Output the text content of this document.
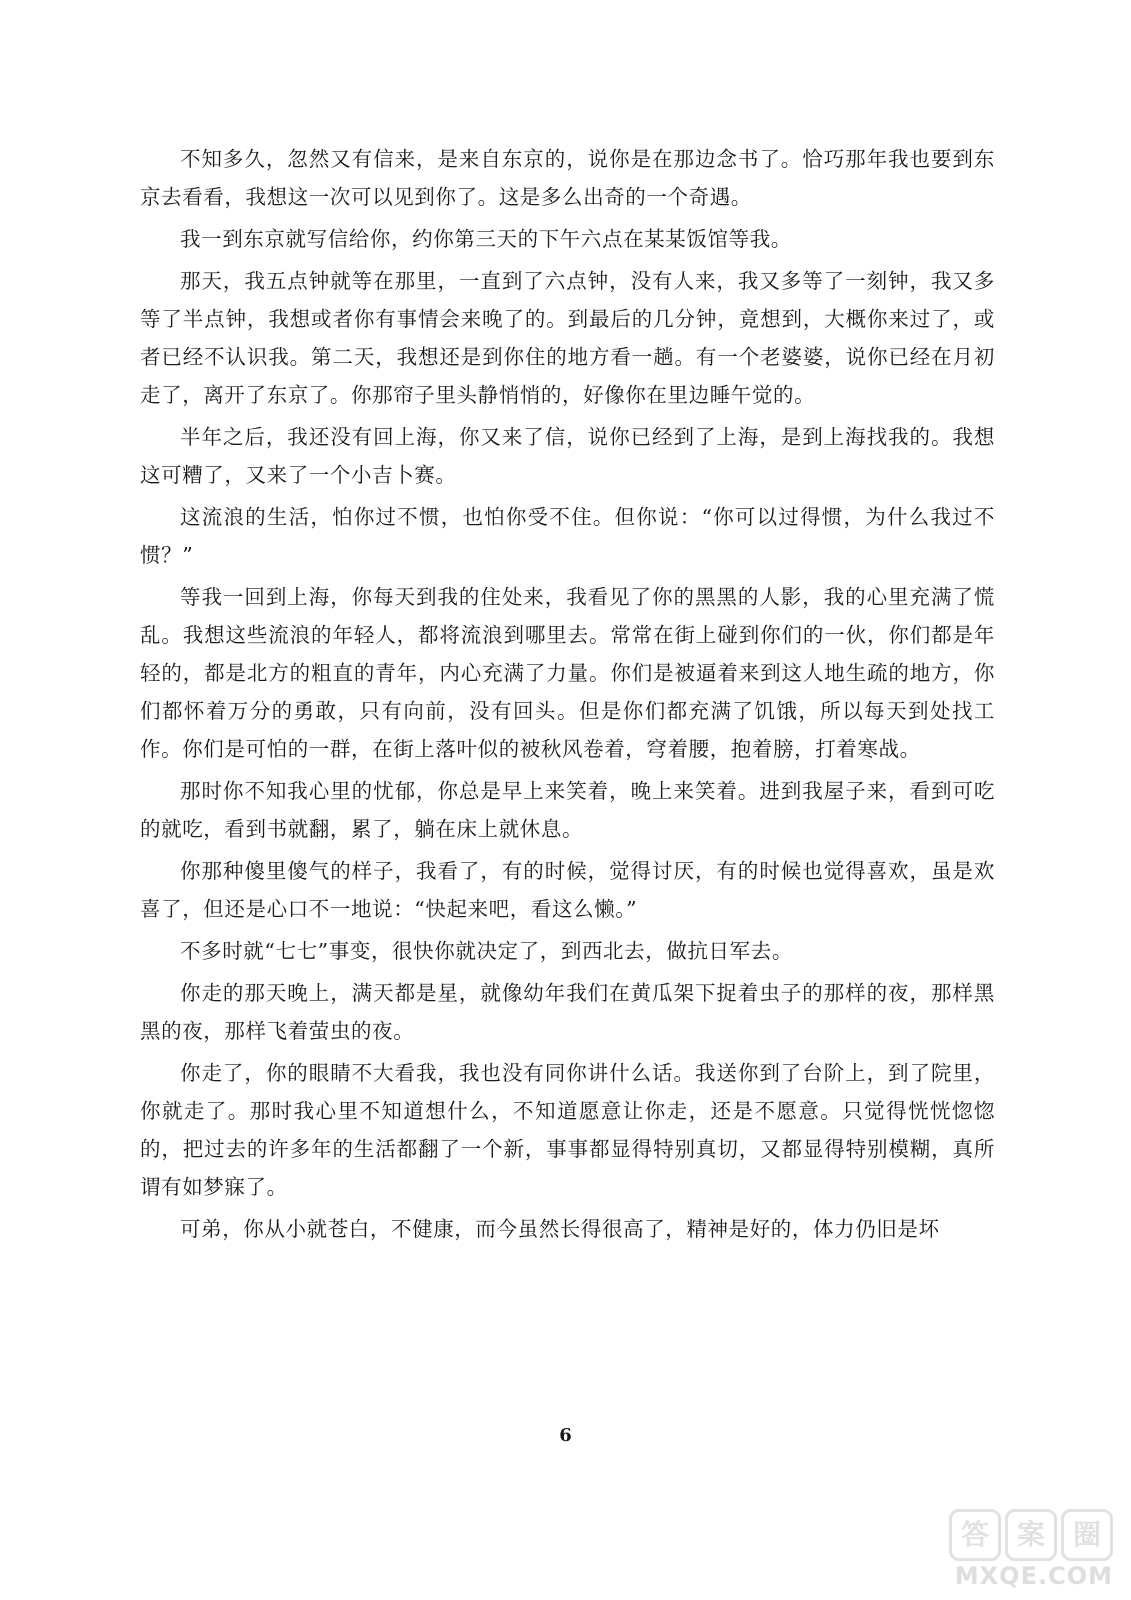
不知多久，忽然又有信来，是来自东京的，说你是在那边念书了。恰巧那年我也要到东京去看看，我想这一次可以见到你了。这是多么出奇的一个奇遇。

我一到东京就写信给你，约你第三天的下午六点在某某饭馆等我。

那天，我五点钟就等在那里，一直到了六点钟，没有人来，我又多等了一刻钟，我又多等了半点钟，我想或者你有事情会来晚了的。到最后的几分钟，竟想到，大概你来过了，或者已经不认识我。第二天，我想还是到你住的地方看一趟。有一个老婆婆，说你已经在月初走了，离开了东京了。你那帘子里头静悄悄的，好像你在里边睡午觉的。

半年之后，我还没有回上海，你又来了信，说你已经到了上海，是到上海找我的。我想这可糟了，又来了一个小吉卜赛。

这流浪的生活，怕你过不惯，也怕你受不住。但你说：“你可以过得惯，为什么我过不惯？”

等我一回到上海，你每天到我的住处来，我看见了你的黑黑的人影，我的心里充满了慌乱。我想这些流浪的年轻人，都将流浪到哪里去。常常在街上碰到你们的一伙，你们都是年轻的，都是北方的粗直的青年，内心充满了力量。你们是被逼着来到这人地生疏的地方，你们都怀着万分的勇敢，只有向前，没有回头。但是你们都充满了饥饿，所以每天到处找工作。你们是可怕的一群，在街上落叶似的被秋风卷着，穹着腰，抱着膀，打着寒战。

那时你不知我心里的忧郁，你总是早上来笑着，晚上来笑着。进到我屋子来，看到可吃的就吃，看到书就翻，累了，躺在床上就休息。

你那种傻里傻气的样子，我看了，有的时候，觉得讨厌，有的时候也觉得喜欢，虽是欢喜了，但还是心口不一地说：“快起来吧，看这么懒。”

不多时就“七七”事变，很快你就决定了，到西北去，做抗日军去。

你走的那天晚上，满天都是星，就像幼年我们在黄瓜架下捉着虫子的那样的夜，那样黑黑的夜，那样飞着萤虫的夜。

你走了，你的眼睛不大看我，我也没有同你讲什么话。我送你到了台阶上，到了院里，你就走了。那时我心里不知道想什么，不知道愿意让你走，还是不愿意。只觉得恍恍惚惚的，把过去的许多年的生活都翻了一个新，事事都显得特别真切，又都显得特别模糊，真所谓有如梦寐了。

可弟，你从小就苍白，不健康，而今虽然长得很高了，精神是好的，体力仍旧是坏

6
答 案 圈
MXQE.COM
